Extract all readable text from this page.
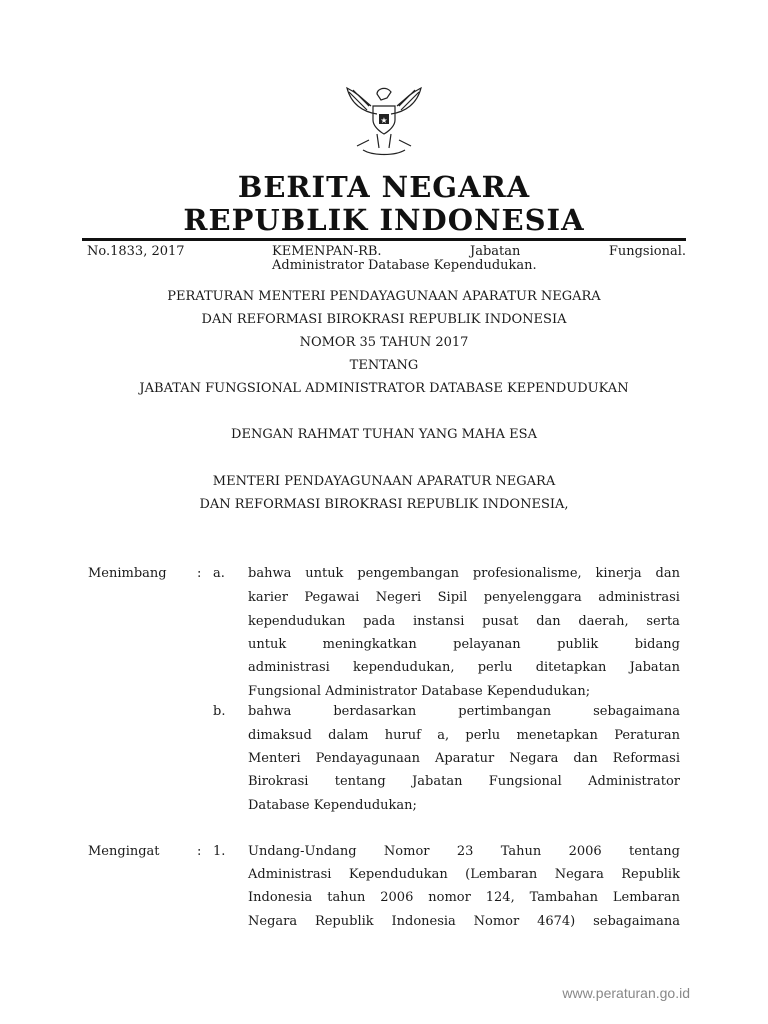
★
BERITA NEGARA
REPUBLIK INDONESIA
No.1833, 2017	KEMENPAN-RB.	Jabatan	Fungsional.
Administrator Database Kependudukan.
PERATURAN MENTERI PENDAYAGUNAAN APARATUR NEGARA
DAN REFORMASI BIROKRASI REPUBLIK INDONESIA
NOMOR 35 TAHUN 2017
TENTANG
JABATAN FUNGSIONAL ADMINISTRATOR DATABASE KEPENDUDUKAN
DENGAN RAHMAT TUHAN YANG MAHA ESA
MENTERI PENDAYAGUNAAN APARATUR NEGARA
DAN REFORMASI BIROKRASI REPUBLIK INDONESIA,
Menimbang : a. bahwa untuk pengembangan profesionalisme, kinerja dan
karier Pegawai Negeri Sipil penyelenggara administrasi
kependudukan pada instansi pusat dan daerah, serta
untuk	meningkatkan	pelayanan	publik	bidang
administrasi kependudukan, perlu ditetapkan Jabatan
Fungsional Administrator Database Kependudukan;
b. bahwa	berdasarkan	pertimbangan	sebagaimana
dimaksud dalam huruf a, perlu menetapkan Peraturan
Menteri Pendayagunaan Aparatur Negara dan Reformasi
Birokrasi tentang Jabatan Fungsional Administrator
Database Kependudukan;
Mengingat	: 1. Undang-Undang Nomor 23 Tahun 2006 tentang
Administrasi Kependudukan (Lembaran Negara Republik
Indonesia tahun 2006 nomor 124, Tambahan Lembaran
Negara Republik Indonesia Nomor 4674) sebagaimana
www.peraturan.go.id
